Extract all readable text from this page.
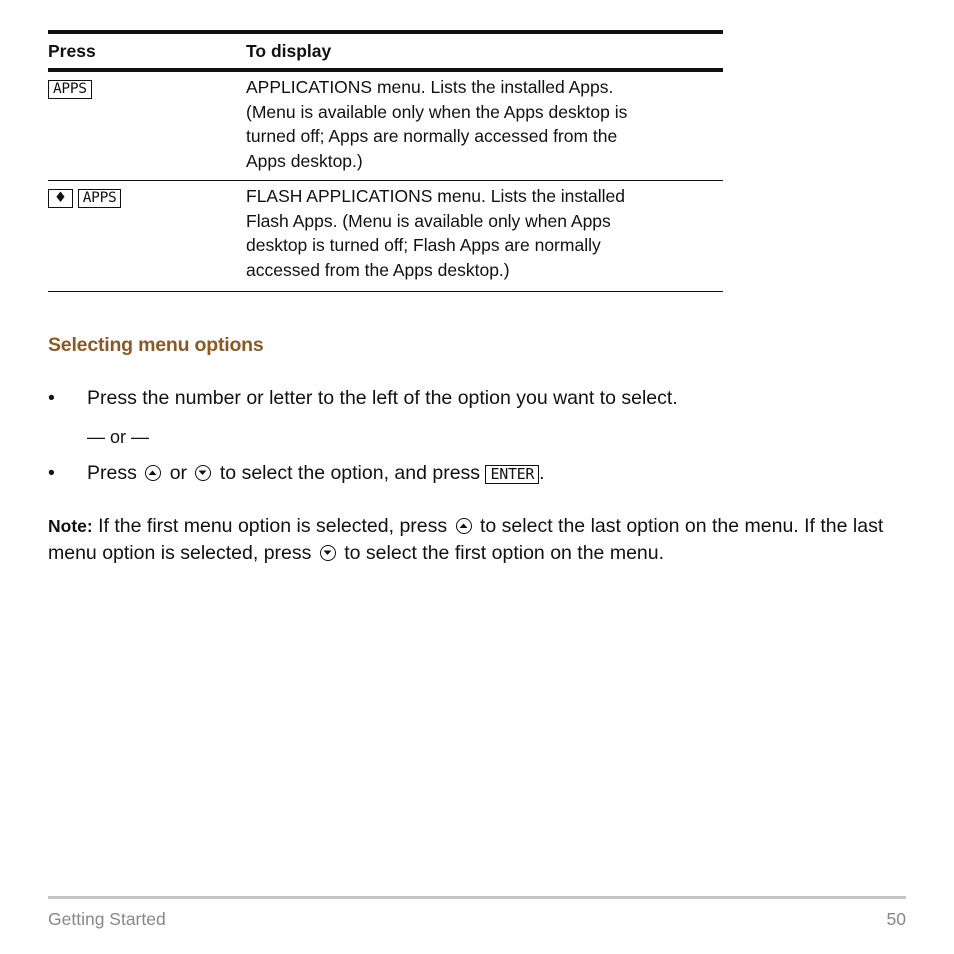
Press	To display
APPS	APPLICATIONS menu. Lists the installed Apps.
(Menu is available only when the Apps desktop is
turned off; Apps are normally accessed from the
Apps desktop.)
♦ APPS	FLASH APPLICATIONS menu. Lists the installed
Flash Apps. (Menu is available only when Apps
desktop is turned off; Flash Apps are normally
accessed from the Apps desktop.)
Selecting menu options
• Press the number or letter to the left of the option you want to select.
— or —
• Press or to select the option, and press ENTER .
Note: If the first menu option is selected, press to select the last option on the menu. If the last menu option is selected, press to select the first option on the menu.
Getting Started	50
